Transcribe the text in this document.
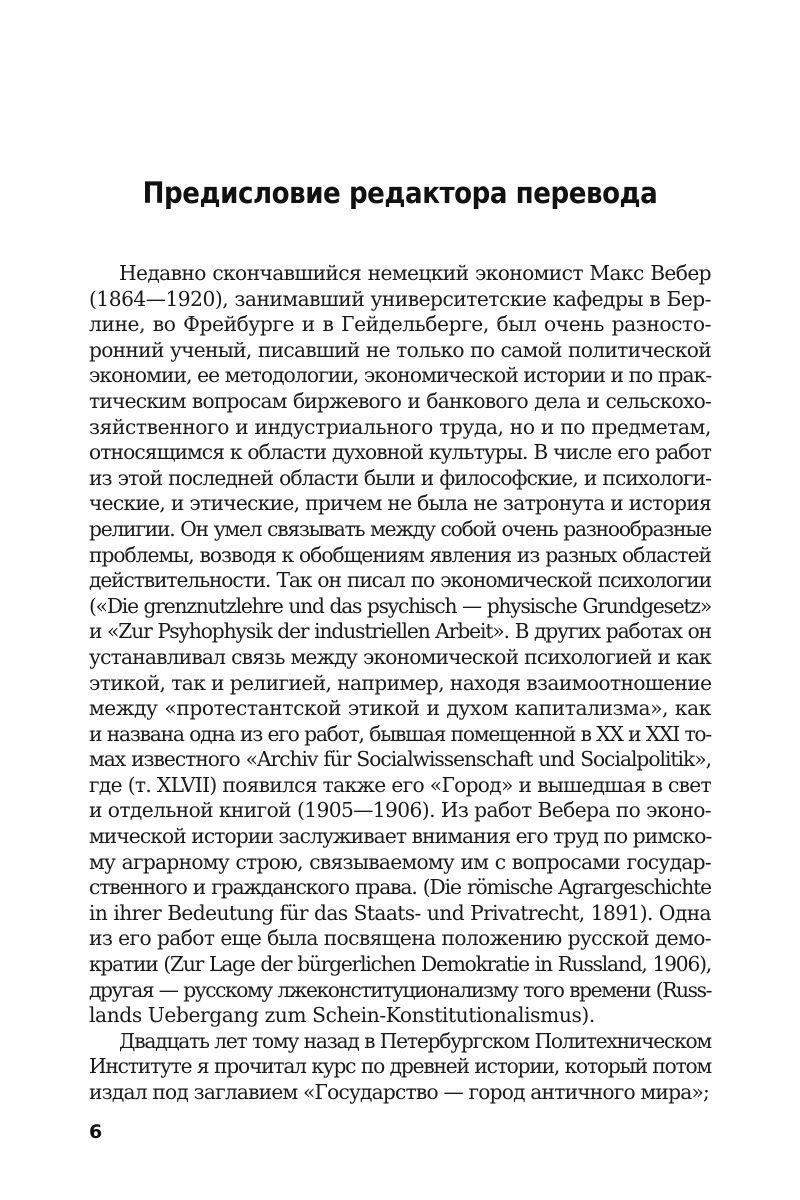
Предисловие редактора перевода
Недавно скончавшийся немецкий экономист Макс Вебер
(1864—1920), занимавший университетские кафедры в Бер-
лине, во Фрейбурге и в Гейдельберге, был очень разносто-
ронний ученый, писавший не только по самой политической
экономии, ее методологии, экономической истории и по прак-
тическим вопросам биржевого и банкового дела и сельскохо-
зяйственного и индустриального труда, но и по предметам,
относящимся к области духовной культуры. В числе его работ
из этой последней области были и философские, и психологи-
ческие, и этические, причем не была не затронута и история
религии. Он умел связывать между собой очень разнообразные
проблемы, возводя к обобщениям явления из разных областей
действительности. Так он писал по экономической психологии
(«Die grenznutzlehre und das psychisch — physische Grundgesetz»
и «Zur Psyhophysik der industriellen Arbeit». В других работах он
устанавливал связь между экономической психологией и как
этикой, так и религией, например, находя взаимоотношение
между «протестантской этикой и духом капитализма», как
и названа одна из его работ, бывшая помещенной в XX и XXI то-
мах известного «Archiv für Socialwissenschaft und Socialpolitik»,
где (т. XLVII) появился также его «Город» и вышедшая в свет
и отдельной книгой (1905—1906). Из работ Вебера по эконо-
мической истории заслуживает внимания его труд по римско-
му аграрному строю, связываемому им с вопросами государ-
ственного и гражданского права. (Die römische Agrargeschichte
in ihrer Bedeutung für das Staats- und Privatrecht, 1891). Одна
из его работ еще была посвящена положению русской демо-
кратии (Zur Lage der bürgerlichen Demokratie in Russland, 1906),
другая — русскому лжеконституционализму того времени (Russ-
lands Uebergang zum Schein-Konstitutionalismus).
Двадцать лет тому назад в Петербургском Политехническом
Институте я прочитал курс по древней истории, который потом
издал под заглавием «Государство — город античного мира»;
6
